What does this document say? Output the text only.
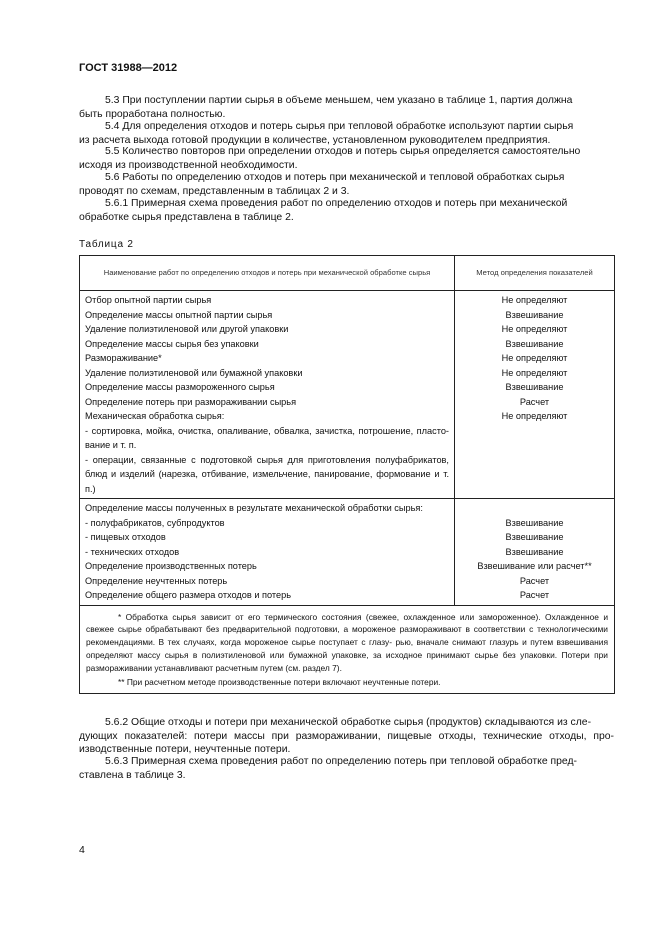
ГОСТ 31988—2012
5.3 При поступлении партии сырья в объеме меньшем, чем указано в таблице 1, партия должна
быть проработана полностью.
5.4 Для определения отходов и потерь сырья при тепловой обработке используют партии сырья
из расчета выхода готовой продукции в количестве, установленном руководителем предприятия.
5.5 Количество повторов при определении отходов и потерь сырья определяется самостоятельно
исходя из производственной необходимости.
5.6 Работы по определению отходов и потерь при механической и тепловой обработках сырья
проводят по схемам, представленным в таблицах 2 и 3.
5.6.1 Примерная схема проведения работ по определению отходов и потерь при механической
обработке сырья представлена в таблице 2.
Таблица 2
Наименование работ по определению отходов и потерь при механической обработке сырья	Метод определения показателей

Отбор опытной партии сырья	Не определяют
Определение массы опытной партии сырья	Взвешивание
Удаление полиэтиленовой или другой упаковки	Не определяют
Определение массы сырья без упаковки	Взвешивание
Размораживание*	Не определяют
Удаление полиэтиленовой или бумажной упаковки	Не определяют
Определение массы размороженного сырья	Взвешивание
Определение потерь при размораживании сырья	Расчет
Механическая обработка сырья:	Не определяют
- сортировка, мойка, очистка, опаливание, обвалка, зачистка, потрошение, пласто- вание и т. п.	
- операции, связанные с подготовкой сырья для приготовления полуфабрикатов, блюд и изделий (нарезка, отбивание, измельчение, панирование, формование и т. п.)	
Определение массы полученных в результате механической обработки сырья:	
- полуфабрикатов, субпродуктов	Взвешивание
- пищевых отходов	Взвешивание
- технических отходов	Взвешивание
Определение производственных потерь	Взвешивание или расчет**
Определение неучтенных потерь	Расчет
Определение общего размера отходов и потерь	Расчет

* Обработка сырья зависит от его термического состояния (свежее, охлажденное или замороженное). Охлажденное и свежее сырье обрабатывают без предварительной подготовки, а мороженое размораживают в соответствии с технологическими рекомендациями. В тех случаях, когда мороженое сырье поступает с глазу- рью, вначале снимают глазурь и путем взвешивания определяют массу сырья в полиэтиленовой или бумажной упаковке, за исходное принимают сырье без упаковки. Потери при размораживании устанавливают расчетным путем (см. раздел 7).

** При расчетном методе производственные потери включают неучтенные потери.	

5.6.2 Общие отходы и потери при механической обработке сырья (продуктов) складываются из сле-
дующих показателей: потери массы при размораживании, пищевые отходы, технические отходы, про- изводственные потери, неучтенные потери.
5.6.3 Примерная схема проведения работ по определению потерь при тепловой обработке пред-
ставлена в таблице 3.
4
